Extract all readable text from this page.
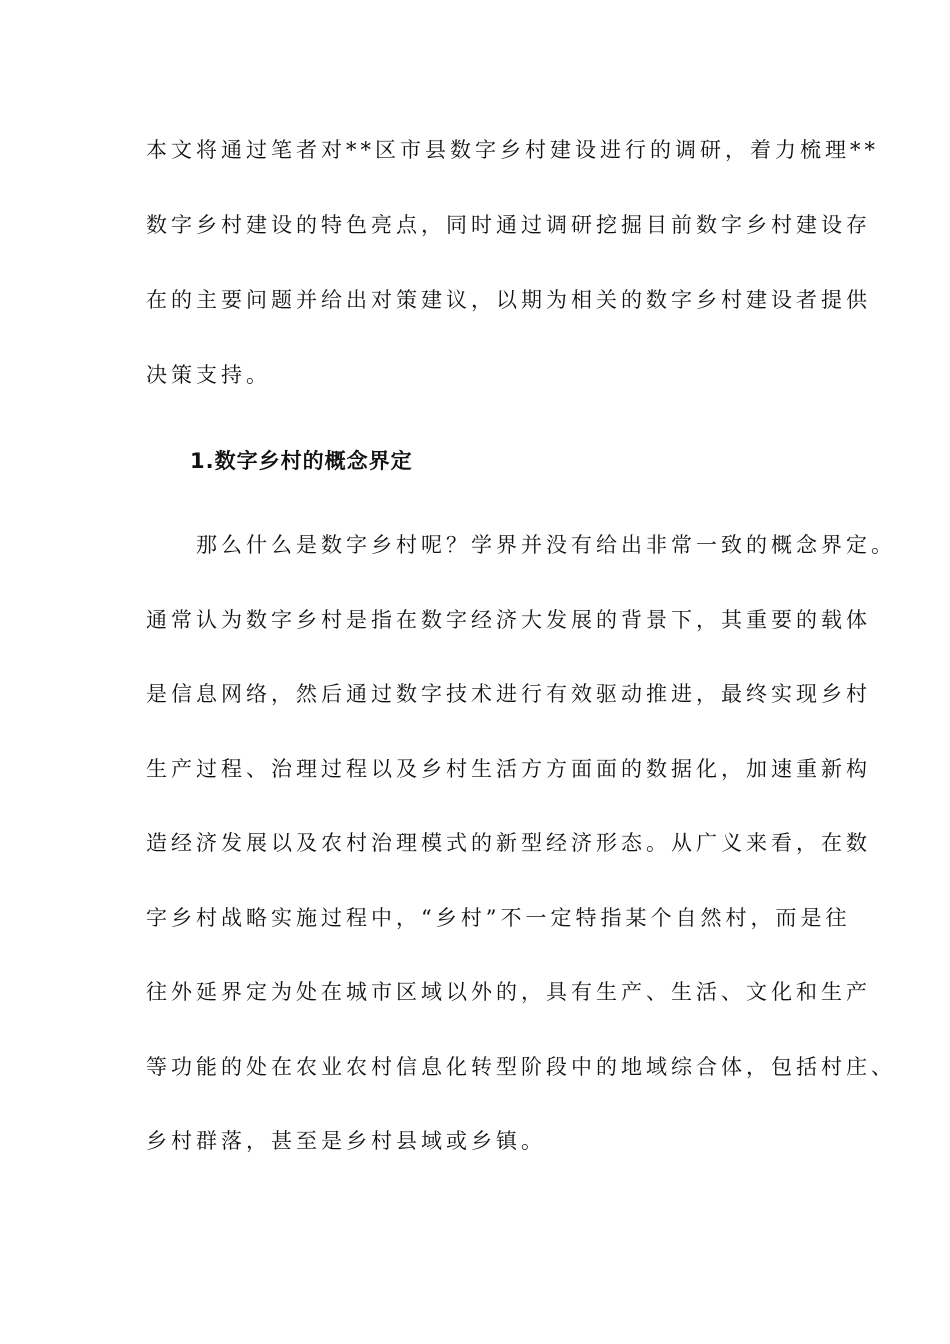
本文将通过笔者对**区市县数字乡村建设进行的调研，着力梳理**
数字乡村建设的特色亮点，同时通过调研挖掘目前数字乡村建设存
在的主要问题并给出对策建议，以期为相关的数字乡村建设者提供
决策支持。
1.数字乡村的概念界定
　　那么什么是数字乡村呢？学界并没有给出非常一致的概念界定。
通常认为数字乡村是指在数字经济大发展的背景下，其重要的载体
是信息网络，然后通过数字技术进行有效驱动推进，最终实现乡村
生产过程、治理过程以及乡村生活方方面面的数据化，加速重新构
造经济发展以及农村治理模式的新型经济形态。从广义来看，在数
字乡村战略实施过程中，“乡村”不一定特指某个自然村，而是往
往外延界定为处在城市区域以外的，具有生产、生活、文化和生产
等功能的处在农业农村信息化转型阶段中的地域综合体，包括村庄、
乡村群落，甚至是乡村县域或乡镇。
